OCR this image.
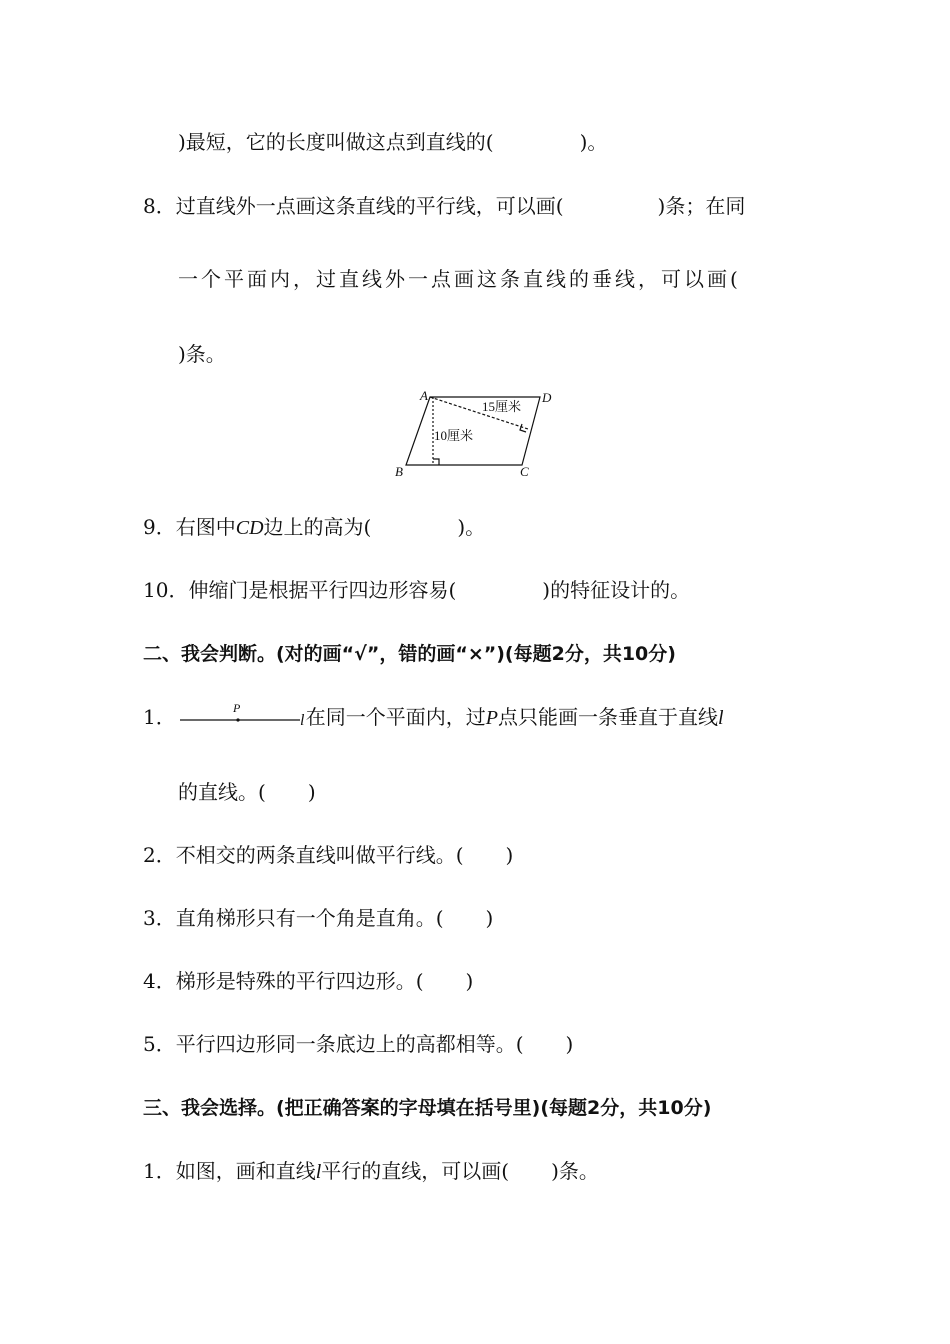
)最短，它的长度叫做这点到直线的(	)。
8．过直线外一点画这条直线的平行线，可以画(	)条；在同
一个平面内，过直线外一点画这条直线的垂线，可以画(
)条。
A	D
B	C
15厘米
10厘米
9．右图中CD边上的高为(	)。
10．伸缩门是根据平行四边形容易(	)的特征设计的。
二、我会判断。(对的画“√”，错的画“×”)(每题2分，共10分)
1．	P
l 在同一个平面内，过P点只能画一条垂直于直线l
的直线。( )
2．不相交的两条直线叫做平行线。( )
3．直角梯形只有一个角是直角。( )
4．梯形是特殊的平行四边形。( )
5．平行四边形同一条底边上的高都相等。( )
三、我会选择。(把正确答案的字母填在括号里)(每题2分，共10分)
1．如图，画和直线l平行的直线，可以画( )条。
